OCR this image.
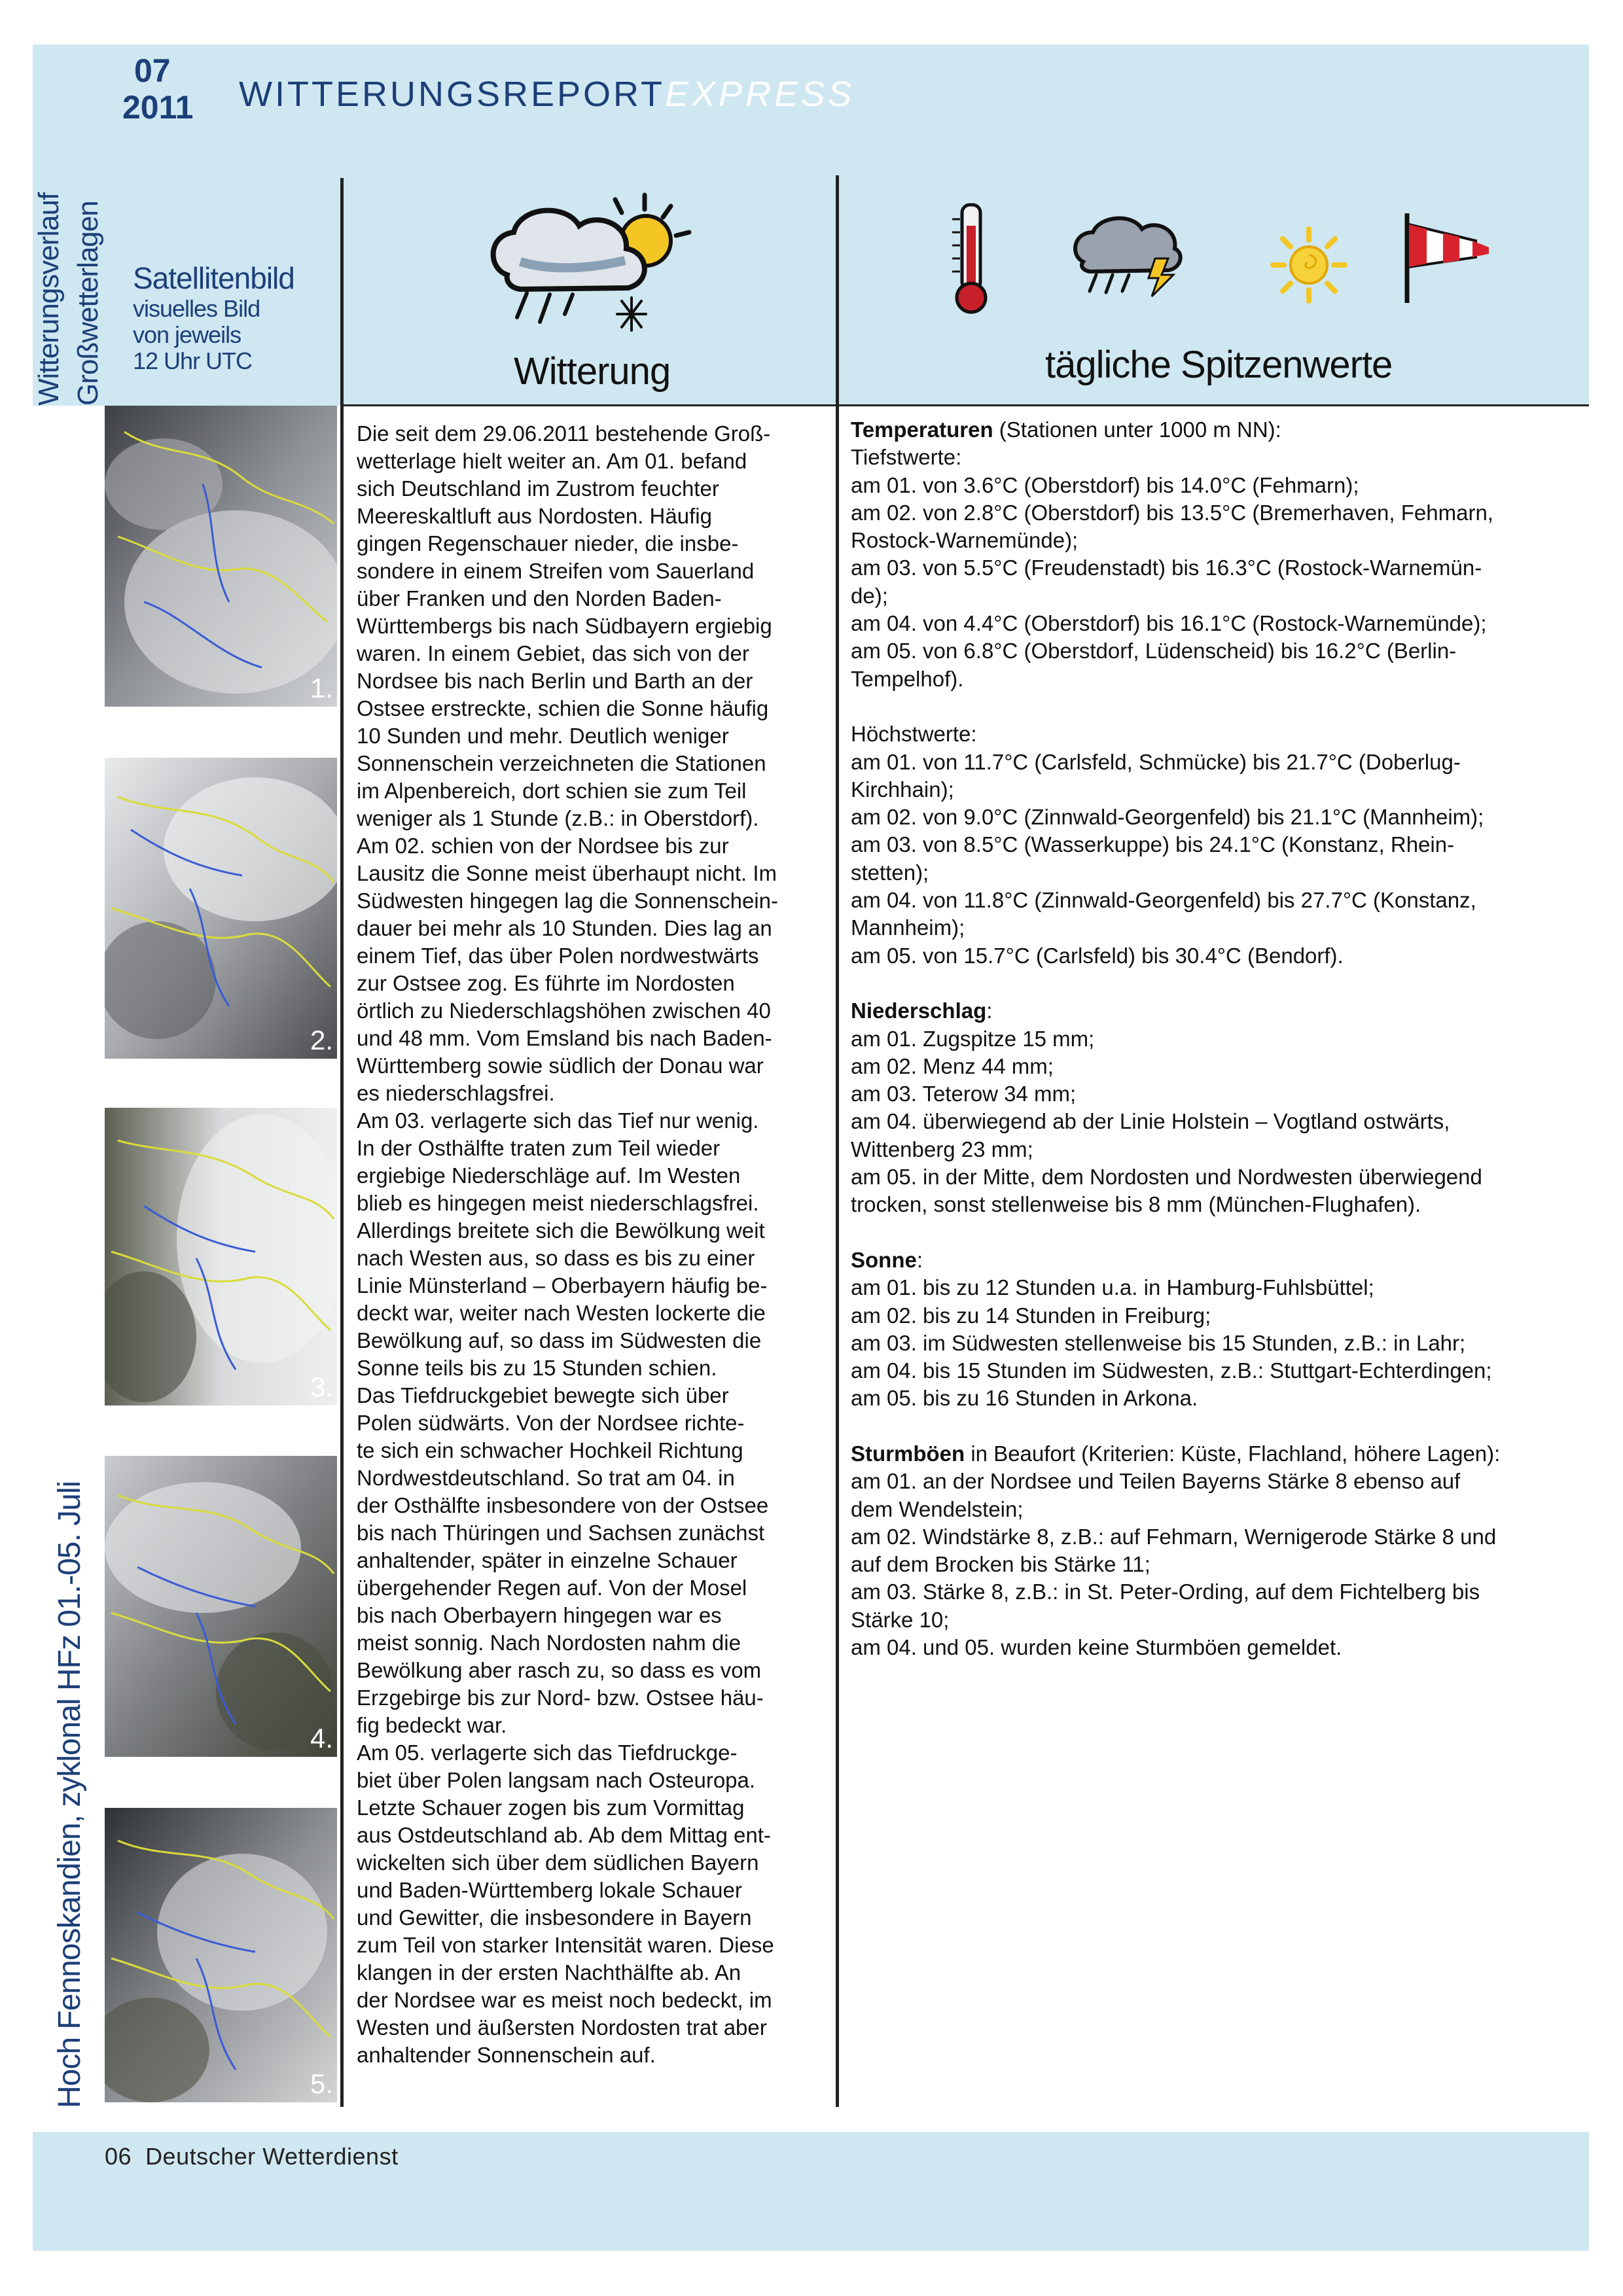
07
2011 WITTERUNGSREPORTEXPRESS
Witterungsverlauf Großwetterlagen
Hoch Fennoskandien, zyklonal HFz 01.-05. Juli
Satellitenbild
visuelles Bild
von jeweils
12 Uhr UTC	Witterung	tägliche Spitzenwerte
1.
2.
3.
4.
5.

Die seit dem 29.06.2011 bestehende Groß-

wetterlage hielt weiter an. Am 01. befand

sich Deutschland im Zustrom feuchter

Meereskaltluft aus Nordosten. Häufig

gingen Regenschauer nieder, die insbe-

sondere in einem Streifen vom Sauerland

über Franken und den Norden Baden-

Württembergs bis nach Südbayern ergiebig

waren. In einem Gebiet, das sich von der

Nordsee bis nach Berlin und Barth an der

Ostsee erstreckte, schien die Sonne häufig

10 Sunden und mehr. Deutlich weniger

Sonnenschein verzeichneten die Stationen

im Alpenbereich, dort schien sie zum Teil

weniger als 1 Stunde (z.B.: in Oberstdorf).

Am 02. schien von der Nordsee bis zur

Lausitz die Sonne meist überhaupt nicht. Im

Südwesten hingegen lag die Sonnenschein-

dauer bei mehr als 10 Stunden. Dies lag an

einem Tief, das über Polen nordwestwärts

zur Ostsee zog. Es führte im Nordosten

örtlich zu Niederschlagshöhen zwischen 40

und 48 mm. Vom Emsland bis nach Baden-

Württemberg sowie südlich der Donau war

es niederschlagsfrei.

Am 03. verlagerte sich das Tief nur wenig.

In der Osthälfte traten zum Teil wieder

ergiebige Niederschläge auf. Im Westen

blieb es hingegen meist niederschlagsfrei.

Allerdings breitete sich die Bewölkung weit

nach Westen aus, so dass es bis zu einer

Linie Münsterland – Oberbayern häufig be-

deckt war, weiter nach Westen lockerte die

Bewölkung auf, so dass im Südwesten die

Sonne teils bis zu 15 Stunden schien.

Das Tiefdruckgebiet bewegte sich über

Polen südwärts. Von der Nordsee richte-

te sich ein schwacher Hochkeil Richtung

Nordwestdeutschland. So trat am 04. in

der Osthälfte insbesondere von der Ostsee

bis nach Thüringen und Sachsen zunächst

anhaltender, später in einzelne Schauer

übergehender Regen auf. Von der Mosel

bis nach Oberbayern hingegen war es

meist sonnig. Nach Nordosten nahm die

Bewölkung aber rasch zu, so dass es vom

Erzgebirge bis zur Nord- bzw. Ostsee häu-

fig bedeckt war.

Am 05. verlagerte sich das Tiefdruckge-

biet über Polen langsam nach Osteuropa.

Letzte Schauer zogen bis zum Vormittag

aus Ostdeutschland ab. Ab dem Mittag ent-

wickelten sich über dem südlichen Bayern

und Baden-Württemberg lokale Schauer

und Gewitter, die insbesondere in Bayern

zum Teil von starker Intensität waren. Diese

klangen in der ersten Nachthälfte ab. An

der Nordsee war es meist noch bedeckt, im

Westen und äußersten Nordosten trat aber

anhaltender Sonnenschein auf.

Temperaturen (Stationen unter 1000 m NN):

Tiefstwerte:

am 01. von 3.6°C (Oberstdorf) bis 14.0°C (Fehmarn);

am 02. von 2.8°C (Oberstdorf) bis 13.5°C (Bremerhaven, Fehmarn,

Rostock-Warnemünde);

am 03. von 5.5°C (Freudenstadt) bis 16.3°C (Rostock-Warnemün-

de);

am 04. von 4.4°C (Oberstdorf) bis 16.1°C (Rostock-Warnemünde);

am 05. von 6.8°C (Oberstdorf, Lüdenscheid) bis 16.2°C (Berlin-

Tempelhof).

Höchstwerte:

am 01. von 11.7°C (Carlsfeld, Schmücke) bis 21.7°C (Doberlug-

Kirchhain);

am 02. von 9.0°C (Zinnwald-Georgenfeld) bis 21.1°C (Mannheim);

am 03. von 8.5°C (Wasserkuppe) bis 24.1°C (Konstanz, Rhein-

stetten);

am 04. von 11.8°C (Zinnwald-Georgenfeld) bis 27.7°C (Konstanz,

Mannheim);

am 05. von 15.7°C (Carlsfeld) bis 30.4°C (Bendorf).

Niederschlag:

am 01. Zugspitze 15 mm;

am 02. Menz 44 mm;

am 03. Teterow 34 mm;

am 04. überwiegend ab der Linie Holstein – Vogtland ostwärts,

Wittenberg 23 mm;

am 05. in der Mitte, dem Nordosten und Nordwesten überwiegend

trocken, sonst stellenweise bis 8 mm (München-Flughafen).

Sonne:

am 01. bis zu 12 Stunden u.a. in Hamburg-Fuhlsbüttel;

am 02. bis zu 14 Stunden in Freiburg;

am 03. im Südwesten stellenweise bis 15 Stunden, z.B.: in Lahr;

am 04. bis 15 Stunden im Südwesten, z.B.: Stuttgart-Echterdingen;

am 05. bis zu 16 Stunden in Arkona.

Sturmböen in Beaufort (Kriterien: Küste, Flachland, höhere Lagen):

am 01. an der Nordsee und Teilen Bayerns Stärke 8 ebenso auf

dem Wendelstein;

am 02. Windstärke 8, z.B.: auf Fehmarn, Wernigerode Stärke 8 und

auf dem Brocken bis Stärke 11;

am 03. Stärke 8, z.B.: in St. Peter-Ording, auf dem Fichtelberg bis

Stärke 10;

am 04. und 05. wurden keine Sturmböen gemeldet.

06 Deutscher Wetterdienst
